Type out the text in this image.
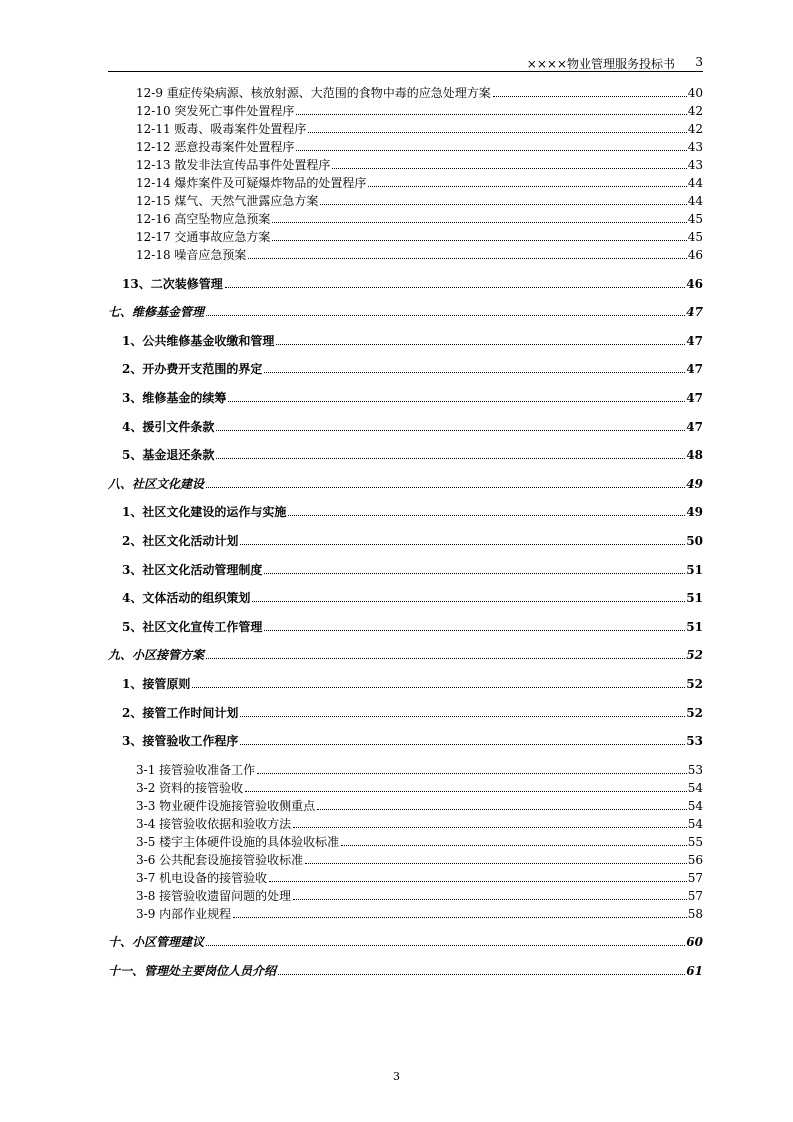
××××物业管理服务投标书 3
12-9 重症传染病源、核放射源、大范围的食物中毒的应急处理方案	40
12-10 突发死亡事件处置程序	42
12-11 贩毒、吸毒案件处置程序	42
12-12 恶意投毒案件处置程序	43
12-13 散发非法宣传品事件处置程序	43
12-14 爆炸案件及可疑爆炸物品的处置程序	44
12-15 煤气、天然气泄露应急方案	44
12-16 高空坠物应急预案	45
12-17 交通事故应急方案	45
12-18 噪音应急预案	46
13、二次装修管理	46
七、维修基金管理	47
1、公共维修基金收缴和管理	47
2、开办费开支范围的界定	47
3、维修基金的续筹	47
4、援引文件条款	47
5、基金退还条款	48
八、社区文化建设	49
1、社区文化建设的运作与实施	49
2、社区文化活动计划	50
3、社区文化活动管理制度	51
4、文体活动的组织策划	51
5、社区文化宣传工作管理	51
九、小区接管方案	52
1、接管原则	52
2、接管工作时间计划	52
3、接管验收工作程序	53
3-1 接管验收准备工作	53
3-2 资料的接管验收	54
3-3 物业硬件设施接管验收侧重点	54
3-4 接管验收依据和验收方法	54
3-5 楼宇主体硬件设施的具体验收标准	55
3-6 公共配套设施接管验收标准	56
3-7 机电设备的接管验收	57
3-8 接管验收遗留问题的处理	57
3-9 内部作业规程	58
十、小区管理建议	60
十一、管理处主要岗位人员介绍	61
3
